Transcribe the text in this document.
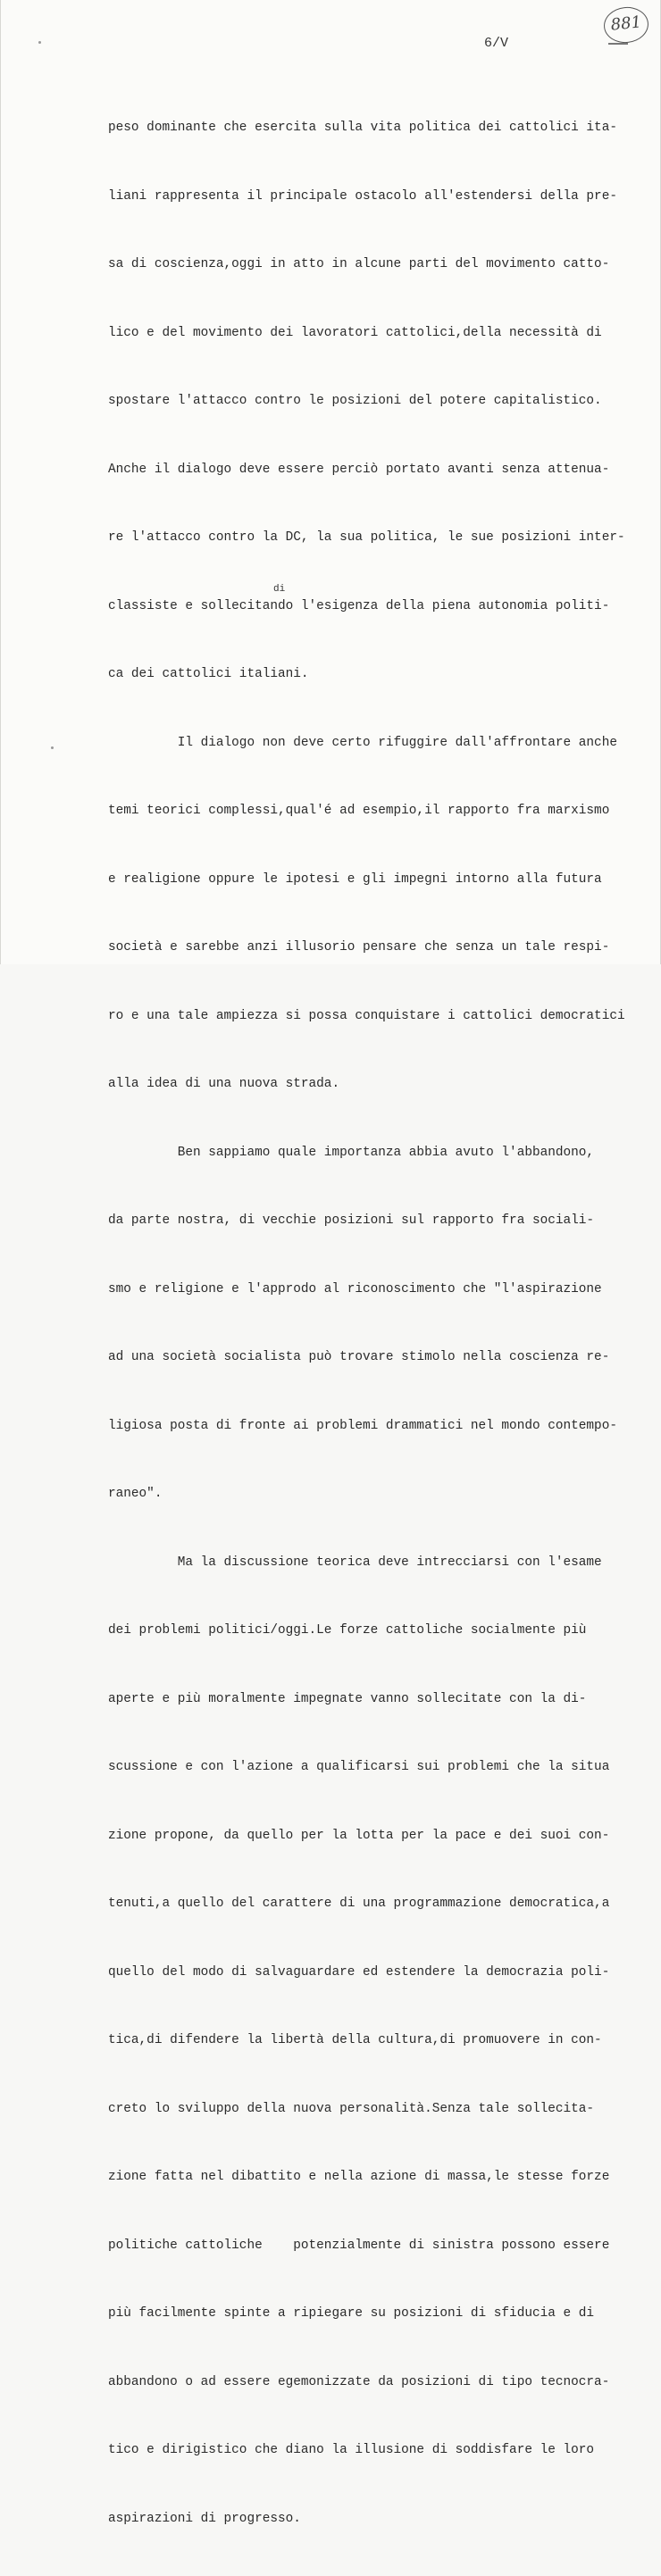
881
6/V

peso dominante che esercita sulla vita politica dei cattolici ita-

liani rappresenta il principale ostacolo all'estendersi della pre-

sa di coscienza,oggi in atto in alcune parti del movimento catto-

lico e del movimento dei lavoratori cattolici,della necessità di

spostare l'attacco contro le posizioni del potere capitalistico.

Anche il dialogo deve essere perciò portato avanti senza attenua-

re l'attacco contro la DC, la sua politica, le sue posizioni inter-

classiste e sollecitando l'esigenza della piena autonomia politi-

ca dei cattolici italiani.

Il dialogo non deve certo rifuggire dall'affrontare anche

temi teorici complessi,qual'é ad esempio,il rapporto fra marxismo

e realigione oppure le ipotesi e gli impegni intorno alla futura

società e sarebbe anzi illusorio pensare che senza un tale respi-

ro e una tale ampiezza si possa conquistare i cattolici democratici

alla idea di una nuova strada.

Ben sappiamo quale importanza abbia avuto l'abbandono,

da parte nostra, di vecchie posizioni sul rapporto fra sociali-

smo e religione e l'approdo al riconoscimento che "l'aspirazione

ad una società socialista può trovare stimolo nella coscienza re-

ligiosa posta di fronte ai problemi drammatici nel mondo contempo-

raneo".

Ma la discussione teorica deve intrecciarsi con l'esame

dei problemi politici/oggi.Le forze cattoliche socialmente più

aperte e più moralmente impegnate vanno sollecitate con la di-

scussione e con l'azione a qualificarsi sui problemi che la situa

zione propone, da quello per la lotta per la pace e dei suoi con-

tenuti,a quello del carattere di una programmazione democratica,a

quello del modo di salvaguardare ed estendere la democrazia poli-

tica,di difendere la libertà della cultura,di promuovere in con-

creto lo sviluppo della nuova personalità.Senza tale sollecita-

zione fatta nel dibattito e nella azione di massa,le stesse forze

politiche cattoliche    potenzialmente di sinistra possono essere

più facilmente spinte a ripiegare su posizioni di sfiducia e di

abbandono o ad essere egemonizzate da posizioni di tipo tecnocra-

tico e dirigistico che diano la illusione di soddisfare le loro

aspirazioni di progresso.

di
